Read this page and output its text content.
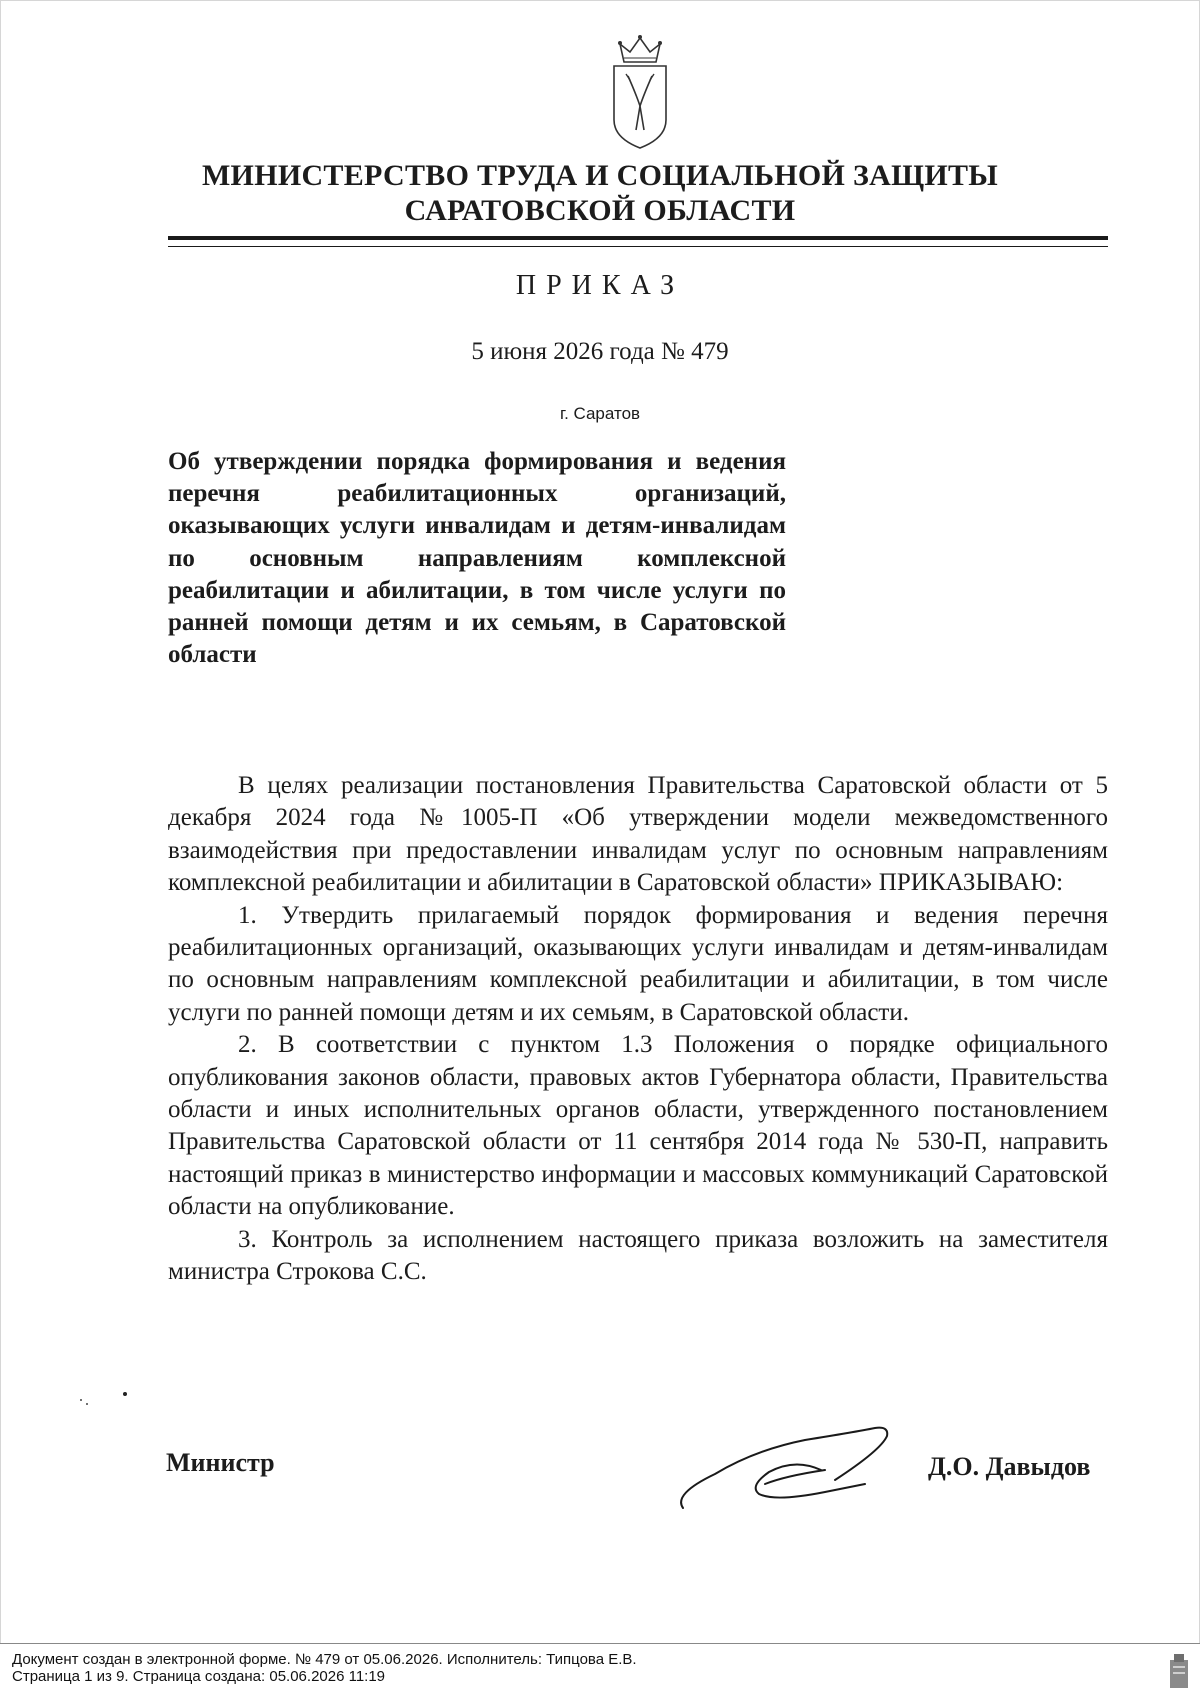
МИНИСТЕРСТВО ТРУДА И СОЦИАЛЬНОЙ ЗАЩИТЫ
САРАТОВСКОЙ ОБЛАСТИ
ПРИКАЗ
5 июня 2026 года № 479
г. Саратов
Об утверждении порядка формирования и ведения перечня реабилитационных организаций, оказывающих услуги инвалидам и детям-инвалидам по основным направлениям комплексной реабилитации и абилитации, в том числе услуги по ранней помощи детям и их семьям, в Саратовской области

В целях реализации постановления Правительства Саратовской области от 5 декабря 2024 года №1005-П «Об утверждении модели межведомственного взаимодействия при предоставлении инвалидам услуг по основным направлениям комплексной реабилитации и абилитации в Саратовской области» ПРИКАЗЫВАЮ:

1. Утвердить прилагаемый порядок формирования и ведения перечня реабилитационных организаций, оказывающих услуги инвалидам и детям-инвалидам по основным направлениям комплексной реабилитации и абилитации, в том числе услуги по ранней помощи детям и их семьям, в Саратовской области.

2. В соответствии с пунктом 1.3 Положения о порядке официального опубликования законов области, правовых актов Губернатора области, Правительства области и иных исполнительных органов области, утвержденного постановлением Правительства Саратовской области от 11 сентября 2014 года № 530-П, направить настоящий приказ в министерство информации и массовых коммуникаций Саратовской области на опубликование.

3. Контроль за исполнением настоящего приказа возложить на заместителя министра Строкова С.С.

Министр	Д.О. Давыдов
Документ создан в электронной форме. № 479 от 05.06.2026. Исполнитель: Типцова Е.В.
Страница 1 из 9. Страница создана: 05.06.2026 11:19
